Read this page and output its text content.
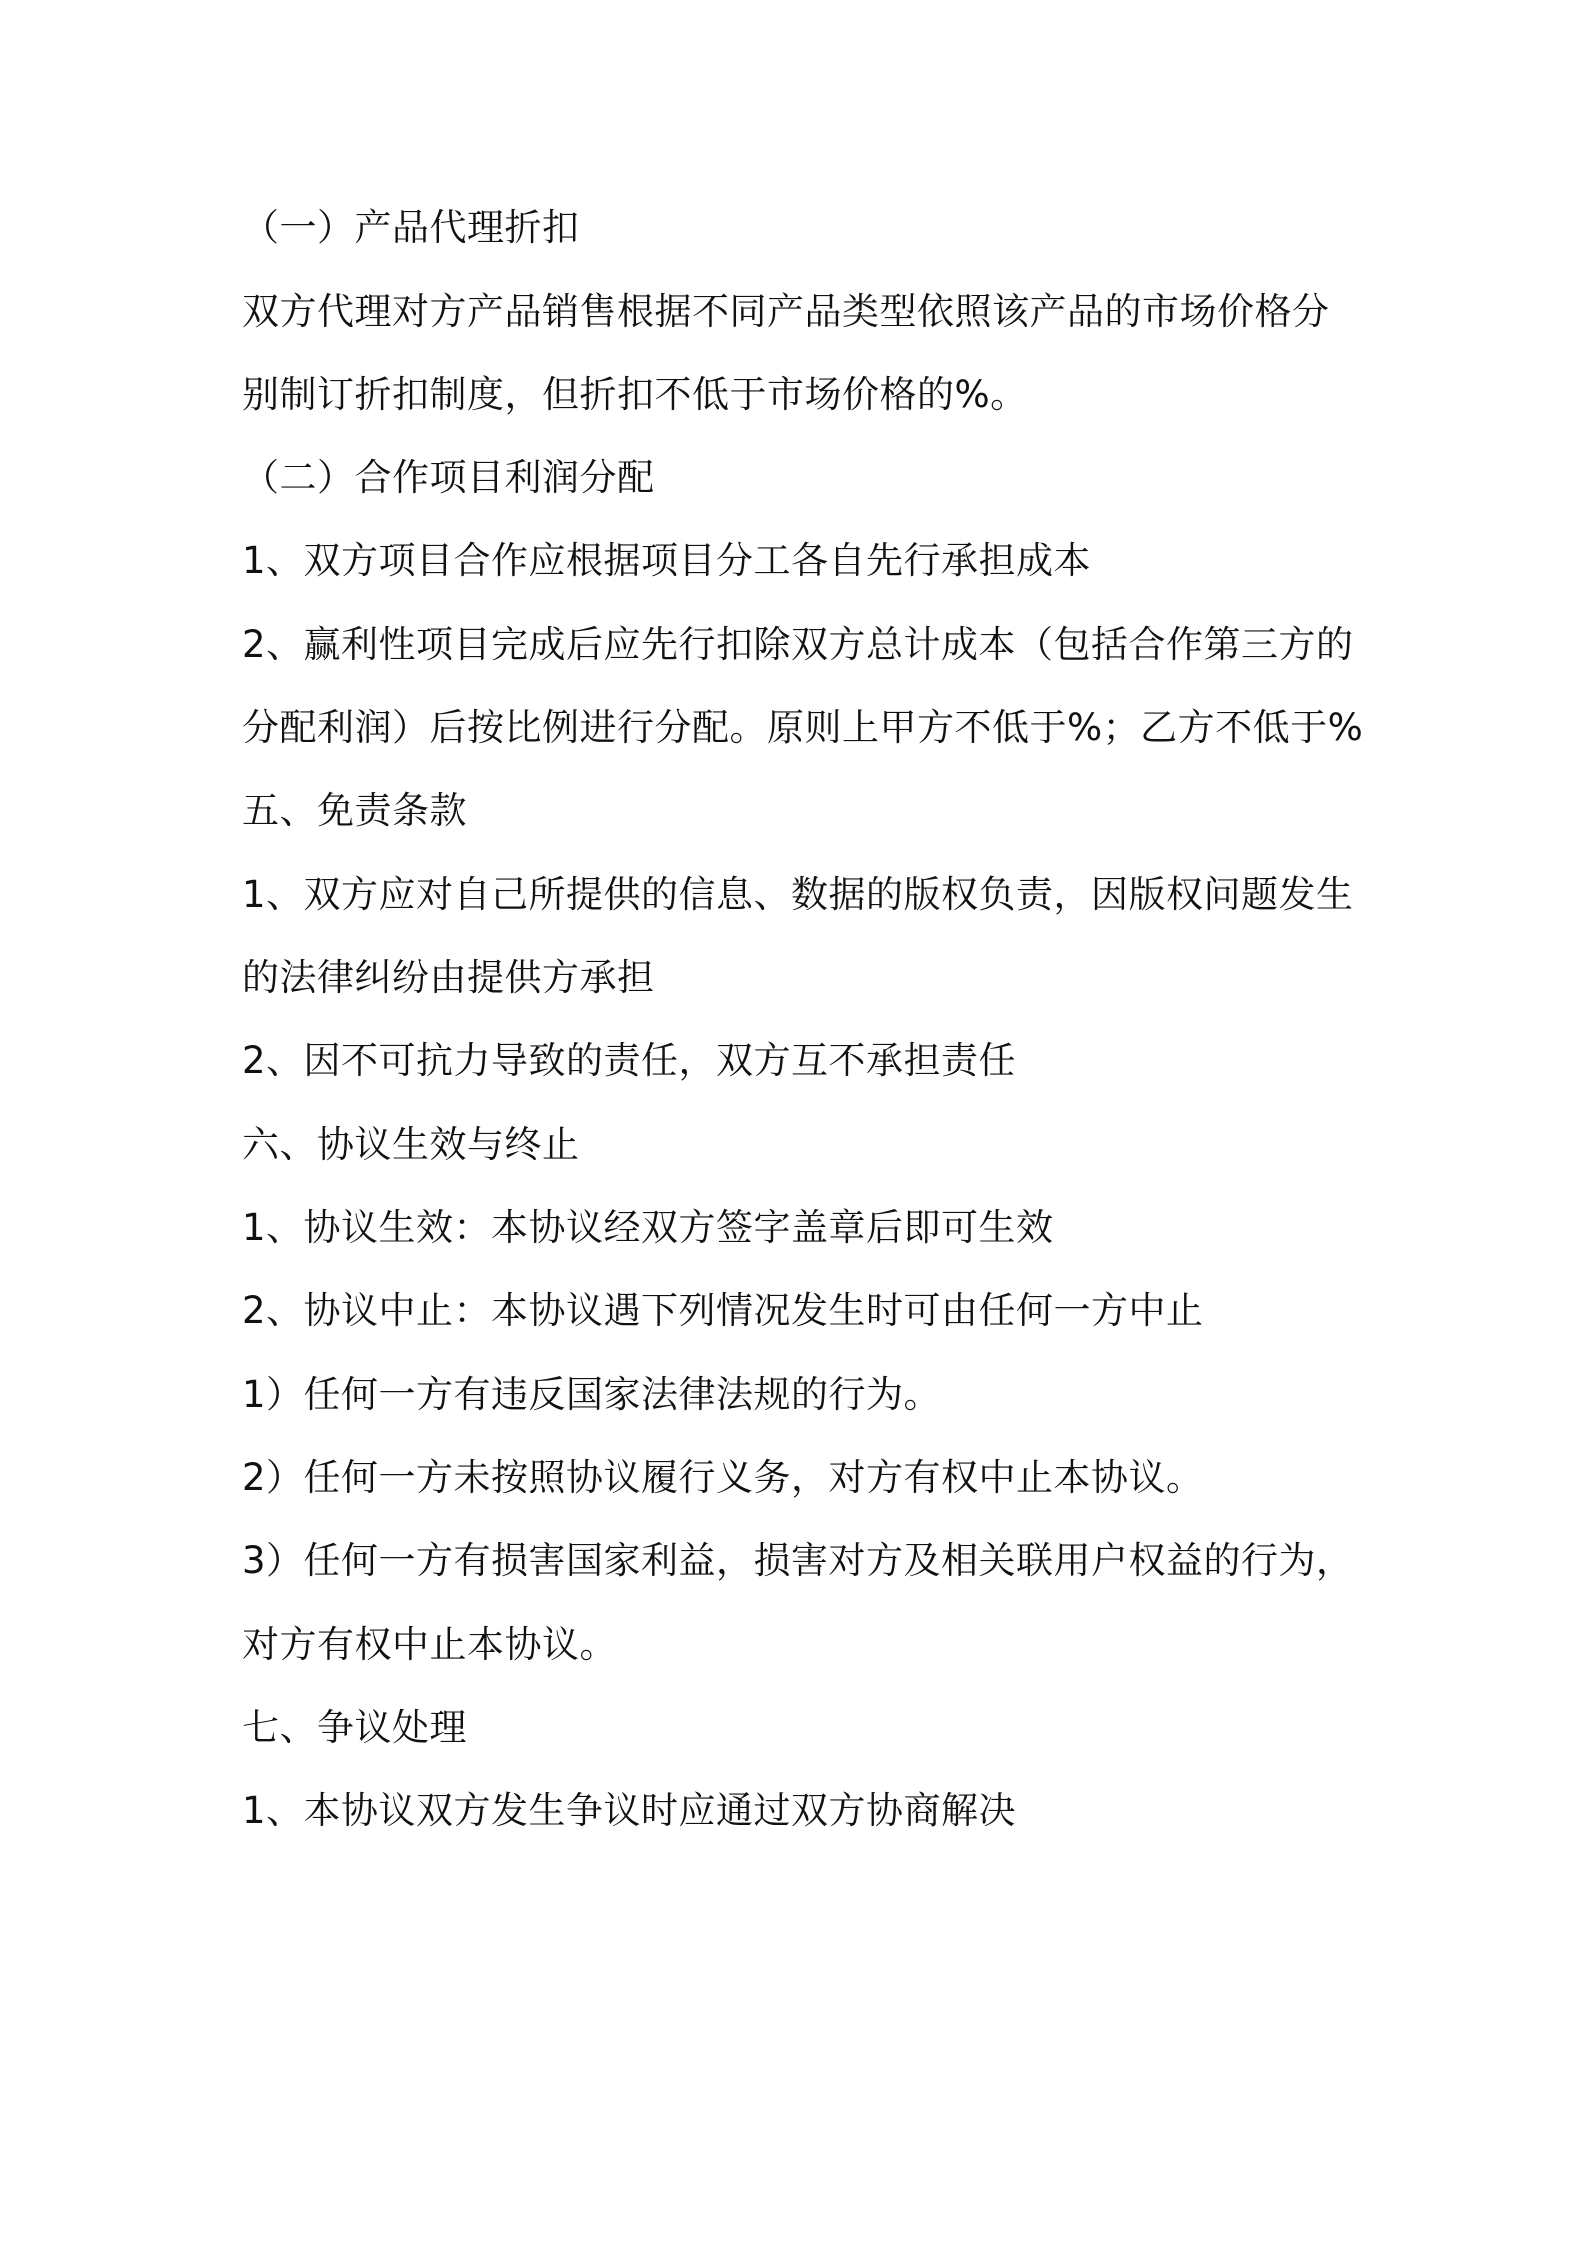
（一）产品代理折扣
双方代理对方产品销售根据不同产品类型依照该产品的市场价格分
别制订折扣制度，但折扣不低于市场价格的%。
（二）合作项目利润分配
1、双方项目合作应根据项目分工各自先行承担成本
2、赢利性项目完成后应先行扣除双方总计成本（包括合作第三方的
分配利润）后按比例进行分配。原则上甲方不低于%；乙方不低于%
五、免责条款
1、双方应对自己所提供的信息、数据的版权负责，因版权问题发生
的法律纠纷由提供方承担
2、因不可抗力导致的责任，双方互不承担责任
六、协议生效与终止
1、协议生效：本协议经双方签字盖章后即可生效
2、协议中止：本协议遇下列情况发生时可由任何一方中止
1）任何一方有违反国家法律法规的行为。
2）任何一方未按照协议履行义务，对方有权中止本协议。
3）任何一方有损害国家利益，损害对方及相关联用户权益的行为，
对方有权中止本协议。
七、争议处理
1、本协议双方发生争议时应通过双方协商解决
